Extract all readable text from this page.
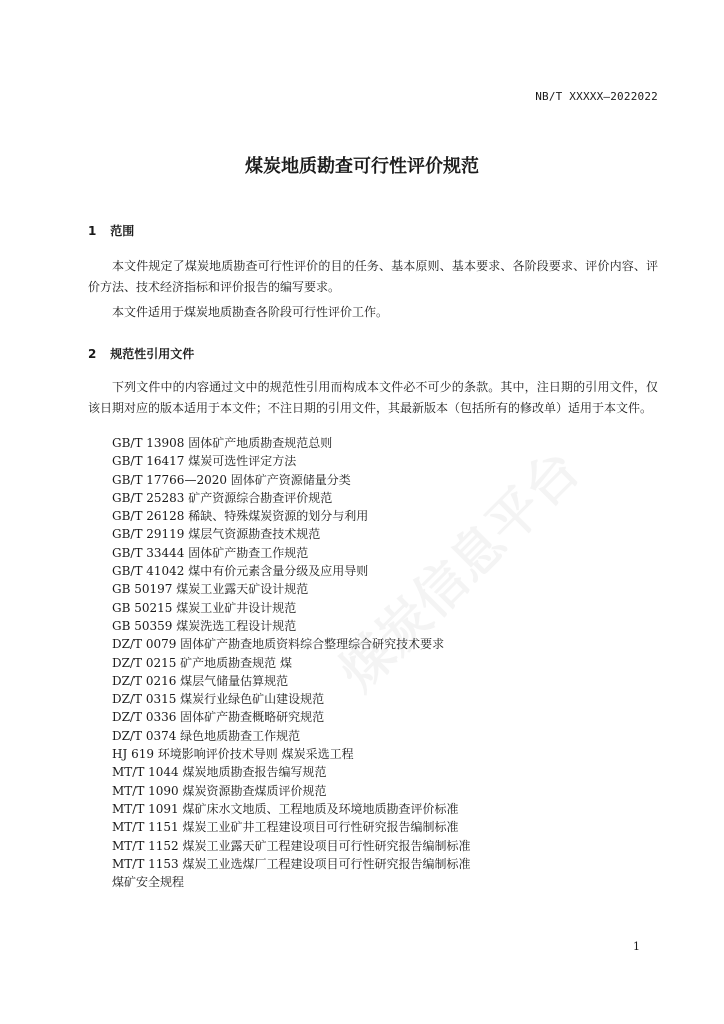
NB/T XXXXX—2022022
煤炭地质勘查可行性评价规范
1 范围

本文件规定了煤炭地质勘查可行性评价的目的任务、基本原则、基本要求、各阶段要求、评价内容、评价方法、技术经济指标和评价报告的编写要求。

本文件适用于煤炭地质勘查各阶段可行性评价工作。

2 规范性引用文件

下列文件中的内容通过文中的规范性引用而构成本文件必不可少的条款。其中，注日期的引用文件，仅该日期对应的版本适用于本文件；不注日期的引用文件，其最新版本（包括所有的修改单）适用于本文件。

GB/T 13908 固体矿产地质勘查规范总则
GB/T 16417 煤炭可选性评定方法
GB/T 17766—2020 固体矿产资源储量分类
GB/T 25283 矿产资源综合勘查评价规范
GB/T 26128 稀缺、特殊煤炭资源的划分与利用
GB/T 29119 煤层气资源勘查技术规范
GB/T 33444 固体矿产勘查工作规范
GB/T 41042 煤中有价元素含量分级及应用导则
GB 50197 煤炭工业露天矿设计规范
GB 50215 煤炭工业矿井设计规范
GB 50359 煤炭洗选工程设计规范
DZ/T 0079 固体矿产勘查地质资料综合整理综合研究技术要求
DZ/T 0215 矿产地质勘查规范 煤
DZ/T 0216 煤层气储量估算规范
DZ/T 0315 煤炭行业绿色矿山建设规范
DZ/T 0336 固体矿产勘查概略研究规范
DZ/T 0374 绿色地质勘查工作规范
HJ 619 环境影响评价技术导则 煤炭采选工程
MT/T 1044 煤炭地质勘查报告编写规范
MT/T 1090 煤炭资源勘查煤质评价规范
MT/T 1091 煤矿床水文地质、工程地质及环境地质勘查评价标准
MT/T 1151 煤炭工业矿井工程建设项目可行性研究报告编制标准
MT/T 1152 煤炭工业露天矿工程建设项目可行性研究报告编制标准
MT/T 1153 煤炭工业选煤厂工程建设项目可行性研究报告编制标准
煤矿安全规程
1
